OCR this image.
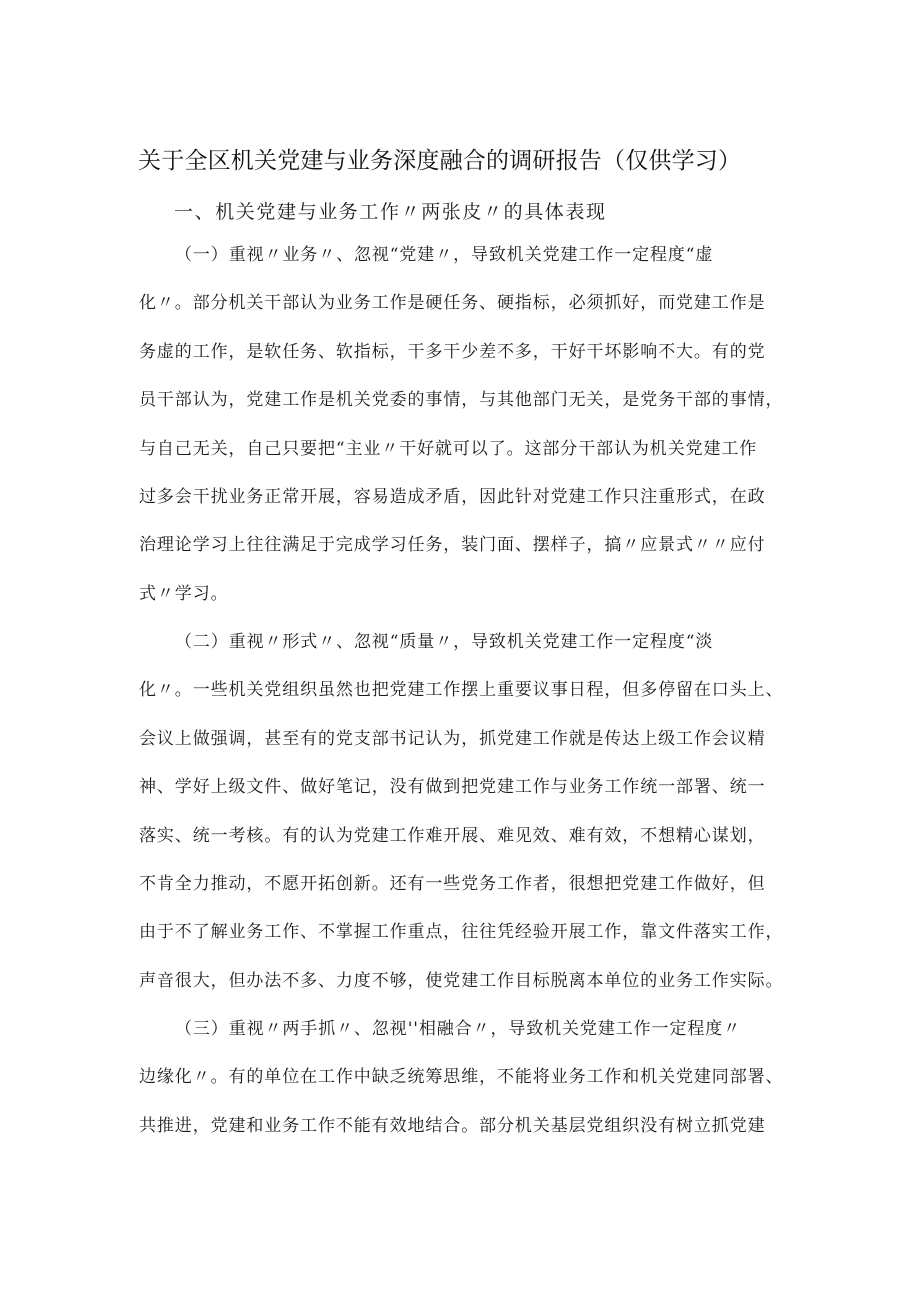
关于全区机关党建与业务深度融合的调研报告（仅供学习）
一、机关党建与业务工作〃两张皮〃的具体表现
（一）重视〃业务〃、忽视“党建〃，导致机关党建工作一定程度“虚
化〃。部分机关干部认为业务工作是硬任务、硬指标，必须抓好，而党建工作是
务虚的工作，是软任务、软指标，干多干少差不多，干好干坏影响不大。有的党
员干部认为，党建工作是机关党委的事情，与其他部门无关，是党务干部的事情，
与自己无关，自己只要把“主业〃干好就可以了。这部分干部认为机关党建工作
过多会干扰业务正常开展，容易造成矛盾，因此针对党建工作只注重形式，在政
治理论学习上往往满足于完成学习任务，装门面、摆样子，搞〃应景式〃〃应付
式〃学习。
（二）重视〃形式〃、忽视“质量〃，导致机关党建工作一定程度“淡
化〃。一些机关党组织虽然也把党建工作摆上重要议事日程，但多停留在口头上、
会议上做强调，甚至有的党支部书记认为，抓党建工作就是传达上级工作会议精
神、学好上级文件、做好笔记，没有做到把党建工作与业务工作统一部署、统一
落实、统一考核。有的认为党建工作难开展、难见效、难有效，不想精心谋划，
不肯全力推动，不愿开拓创新。还有一些党务工作者，很想把党建工作做好，但
由于不了解业务工作、不掌握工作重点，往往凭经验开展工作，靠文件落实工作，
声音很大，但办法不多、力度不够，使党建工作目标脱离本单位的业务工作实际。
（三）重视〃两手抓〃、忽视''相融合〃，导致机关党建工作一定程度〃
边缘化〃。有的单位在工作中缺乏统筹思维，不能将业务工作和机关党建同部署、
共推进，党建和业务工作不能有效地结合。部分机关基层党组织没有树立抓党建
